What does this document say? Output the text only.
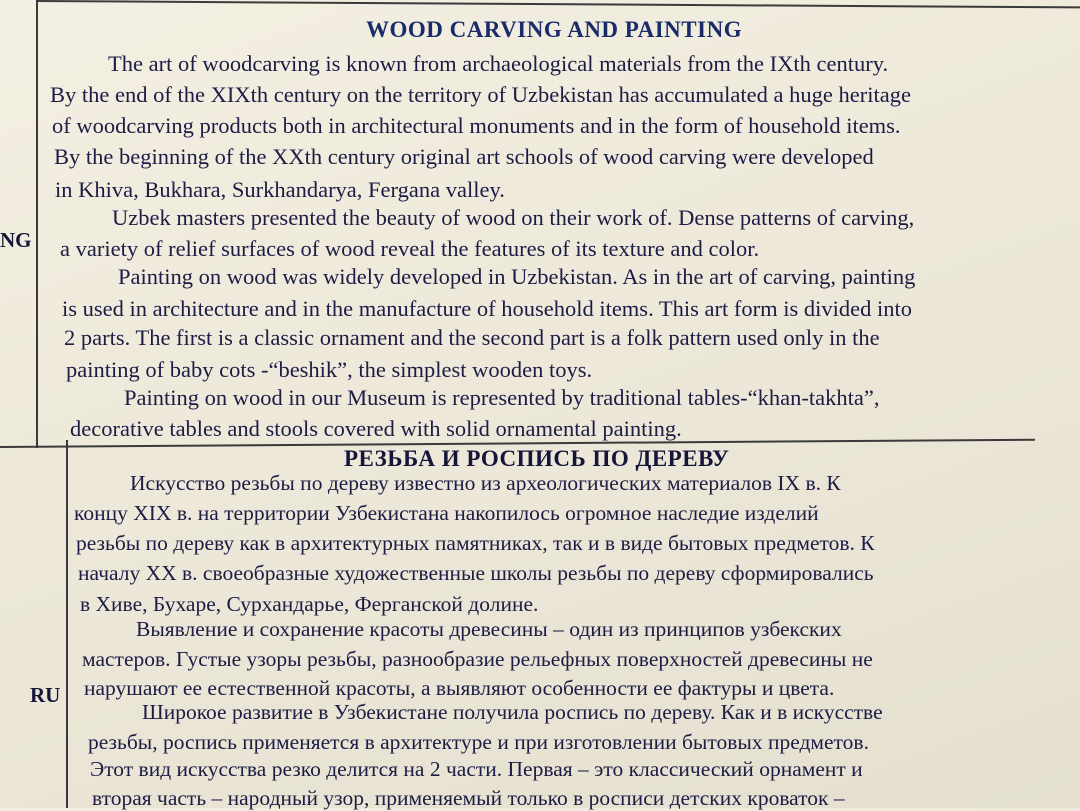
NG
WOOD CARVING AND PAINTING
The art of woodcarving is known from archaeological materials from the IXth century.
By the end of the XIXth century on the territory of Uzbekistan has accumulated a huge heritage
of woodcarving products both in architectural monuments and in the form of household items.
By the beginning of the XXth century original art schools of wood carving were developed
in Khiva, Bukhara, Surkhandarya, Fergana valley.
Uzbek masters presented the beauty of wood on their work of. Dense patterns of carving,
a variety of relief surfaces of wood reveal the features of its texture and color.
Painting on wood was widely developed in Uzbekistan. As in the art of carving, painting
is used in architecture and in the manufacture of household items. This art form is divided into
2 parts. The first is a classic ornament and the second part is a folk pattern used only in the
painting of baby cots -“beshik”, the simplest wooden toys.
Painting on wood in our Museum is represented by traditional tables-“khan-takhta”,
decorative tables and stools covered with solid ornamental painting.
RU
РЕЗЬБА И РОСПИСЬ ПО ДЕРЕВУ
Искусство резьбы по дереву известно из археологических материалов IX в. К
концу XIX в. на территории Узбекистана накопилось огромное наследие изделий
резьбы по дереву как в архитектурных памятниках, так и в виде бытовых предметов. К
началу XX в. своеобразные художественные школы резьбы по дереву сформировались
в Хиве, Бухаре, Сурхандарье, Ферганской долине.
Выявление и сохранение красоты древесины – один из принципов узбекских
мастеров. Густые узоры резьбы, разнообразие рельефных поверхностей древесины не
нарушают ее естественной красоты, а выявляют особенности ее фактуры и цвета.
Широкое развитие в Узбекистане получила роспись по дереву. Как и в искусстве
резьбы, роспись применяется в архитектуре и при изготовлении бытовых предметов.
Этот вид искусства резко делится на 2 части. Первая – это классический орнамент и
вторая часть – народный узор, применяемый только в росписи детских кроваток –
